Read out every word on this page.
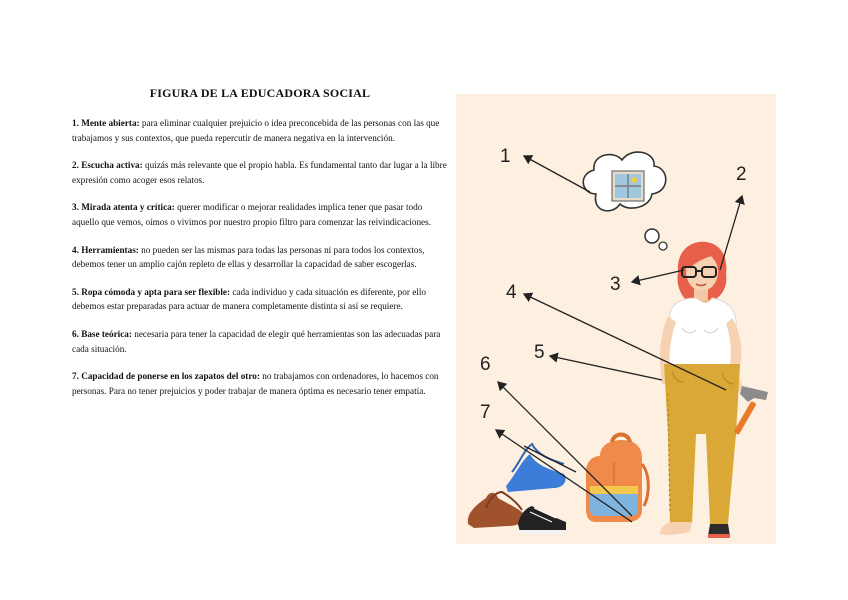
FIGURA DE LA EDUCADORA SOCIAL

1. Mente abierta: para eliminar cualquier prejuicio o idea preconcebida de las personas con las que trabajamos y sus contextos, que pueda repercutir de manera negativa en la intervención.

2. Escucha activa: quizás más relevante que el propio habla. Es fundamental tanto dar lugar a la libre expresión como acoger esos relatos.

3. Mirada atenta y crítica: querer modificar o mejorar realidades implica tener que pasar todo aquello que vemos, oímos o vivimos por nuestro propio filtro para comenzar las reivindicaciones.

4. Herramientas: no pueden ser las mismas para todas las personas ni para todos los contextos, debemos tener un amplio cajón repleto de ellas y desarrollar la capacidad de saber escogerlas.

5. Ropa cómoda y apta para ser flexible: cada individuo y cada situación es diferente, por ello debemos estar preparadas para actuar de manera completamente distinta si así se requiere.

6. Base teórica: necesaria para tener la capacidad de elegir qué herramientas son las adecuadas para cada situación.

7. Capacidad de ponerse en los zapatos del otro: no trabajamos con ordenadores, lo hacemos con personas. Para no tener prejuicios y poder trabajar de manera óptima es necesario tener empatía.

1
2
3
4
5
6
7
